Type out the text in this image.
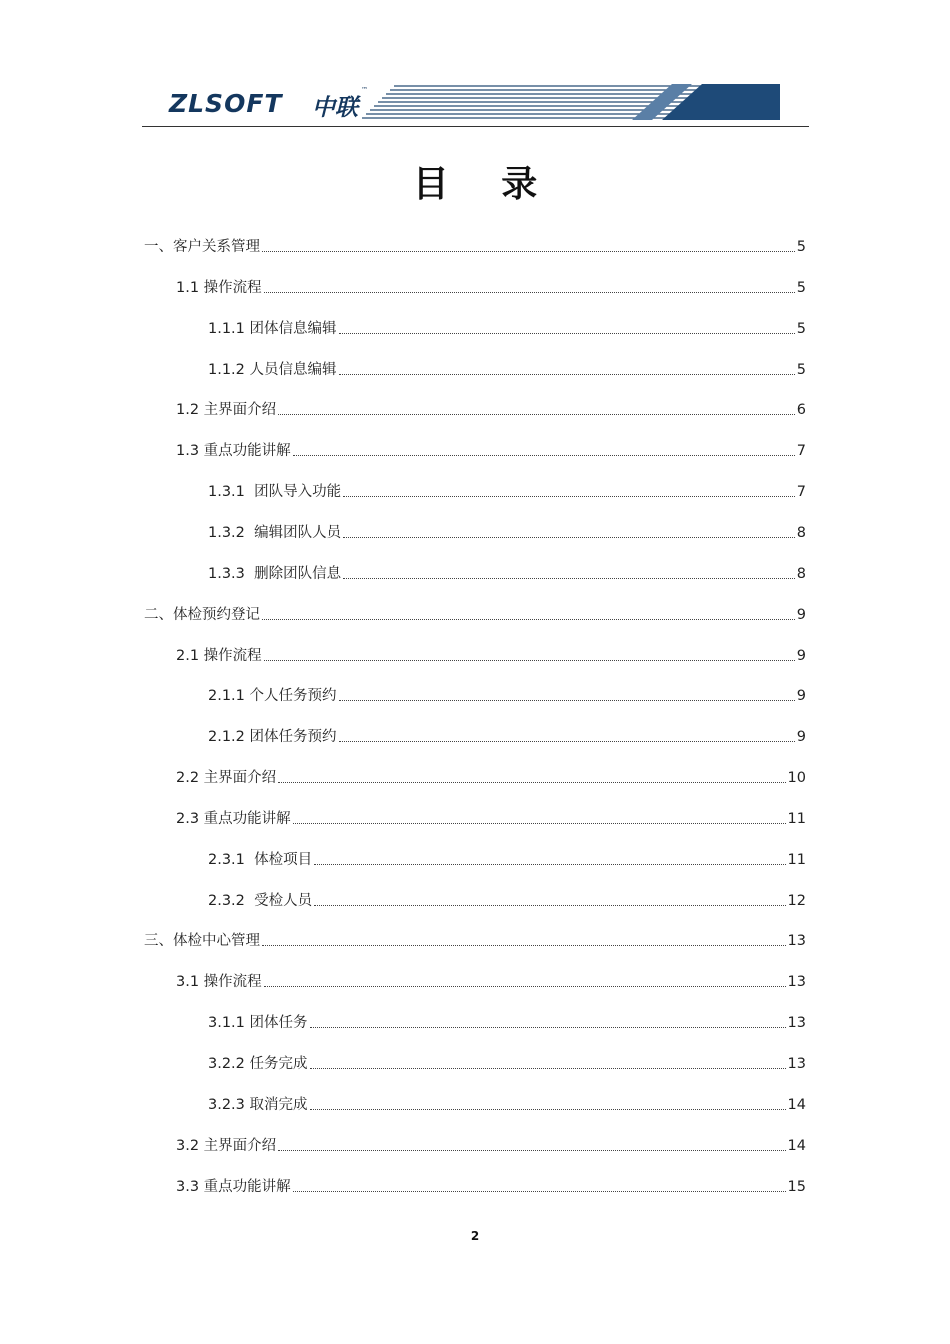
ZLSOFT 中联
™
目 录
一、客户关系管理	5
1.1 操作流程	5
1.1.1 团体信息编辑	5
1.1.2 人员信息编辑	5
1.2 主界面介绍	6
1.3 重点功能讲解	7
1.3.1  团队导入功能	7
1.3.2  编辑团队人员	8
1.3.3  删除团队信息	8
二、体检预约登记	9
2.1 操作流程	9
2.1.1 个人任务预约	9
2.1.2 团体任务预约	9
2.2 主界面介绍	10
2.3 重点功能讲解	11
2.3.1  体检项目	11
2.3.2  受检人员	12
三、体检中心管理	13
3.1 操作流程	13
3.1.1 团体任务	13
3.2.2 任务完成	13
3.2.3 取消完成	14
3.2 主界面介绍	14
3.3 重点功能讲解	15
2
